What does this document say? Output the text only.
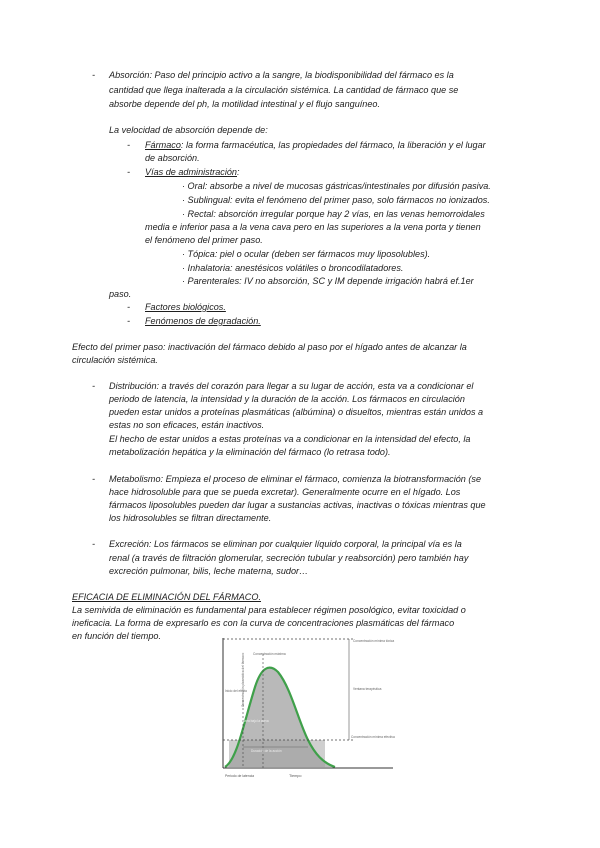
- Absorción: Paso del principio activo a la sangre, la biodisponibilidad del fármaco es la
cantidad que llega inalterada a la circulación sistémica. La cantidad de fármaco que se
absorbe depende del ph, la motilidad intestinal y el flujo sanguíneo.
La velocidad de absorción depende de:
- Fármaco: la forma farmacéutica, las propiedades del fármaco, la liberación y el lugar
de absorción.
- Vías de administración:
· Oral: absorbe a nivel de mucosas gástricas/intestinales por difusión pasiva.
· Sublingual: evita el fenómeno del primer paso, solo fármacos no ionizados.
· Rectal: absorción irregular porque hay 2 vías, en las venas hemorroidales
media e inferior pasa a la vena cava pero en las superiores a la vena porta y tienen
el fenómeno del primer paso.
· Tópica: piel o ocular (deben ser fármacos muy liposolubles).
· Inhalatoria: anestésicos volátiles o broncodilatadores.
· Parenterales: IV no absorción, SC y IM depende irrigación habrá ef.1er
paso.
- Factores biológicos.
- Fenómenos de degradación.
Efecto del primer paso: inactivación del fármaco debido al paso por el hígado antes de alcanzar la
circulación sistémica.
- Distribución: a través del corazón para llegar a su lugar de acción, esta va a condicionar el
periodo de latencia, la intensidad y la duración de la acción. Los fármacos en circulación
pueden estar unidos a proteínas plasmáticas (albúmina) o disueltos, mientras están unidos a
estas no son eficaces, están inactivos.
El hecho de estar unidos a estas proteínas va a condicionar en la intensidad del efecto, la
metabolización hepática y la eliminación del fármaco (lo retrasa todo).
- Metabolismo: Empieza el proceso de eliminar el fármaco, comienza la biotransformación (se
hace hidrosoluble para que se pueda excretar). Generalmente ocurre en el hígado. Los
fármacos liposolubles pueden dar lugar a sustancias activas, inactivas o tóxicas mientras que
los hidrosolubles se filtran directamente.
- Excreción: Los fármacos se eliminan por cualquier líquido corporal, la principal vía es la
renal (a través de filtración glomerular, secreción tubular y reabsorción) pero también hay
excreción pulmonar, bilis, leche materna, sudor…
EFICACIA DE ELIMINACIÓN DEL FÁRMACO.
La semivida de eliminación es fundamental para establecer régimen posológico, evitar toxicidad o
ineficacia. La forma de expresarlo es con la curva de concentraciones plasmáticas del fármaco
en función del tiempo.
Concentración plasmática del fármaco
Tiempo
Periodo de latencia
Concentración mínima tóxica
Concentración máxima
Ventana terapéutica
Concentración mínima efectiva
Inicio del efecto
Área bajo la curva
Duración de la acción
